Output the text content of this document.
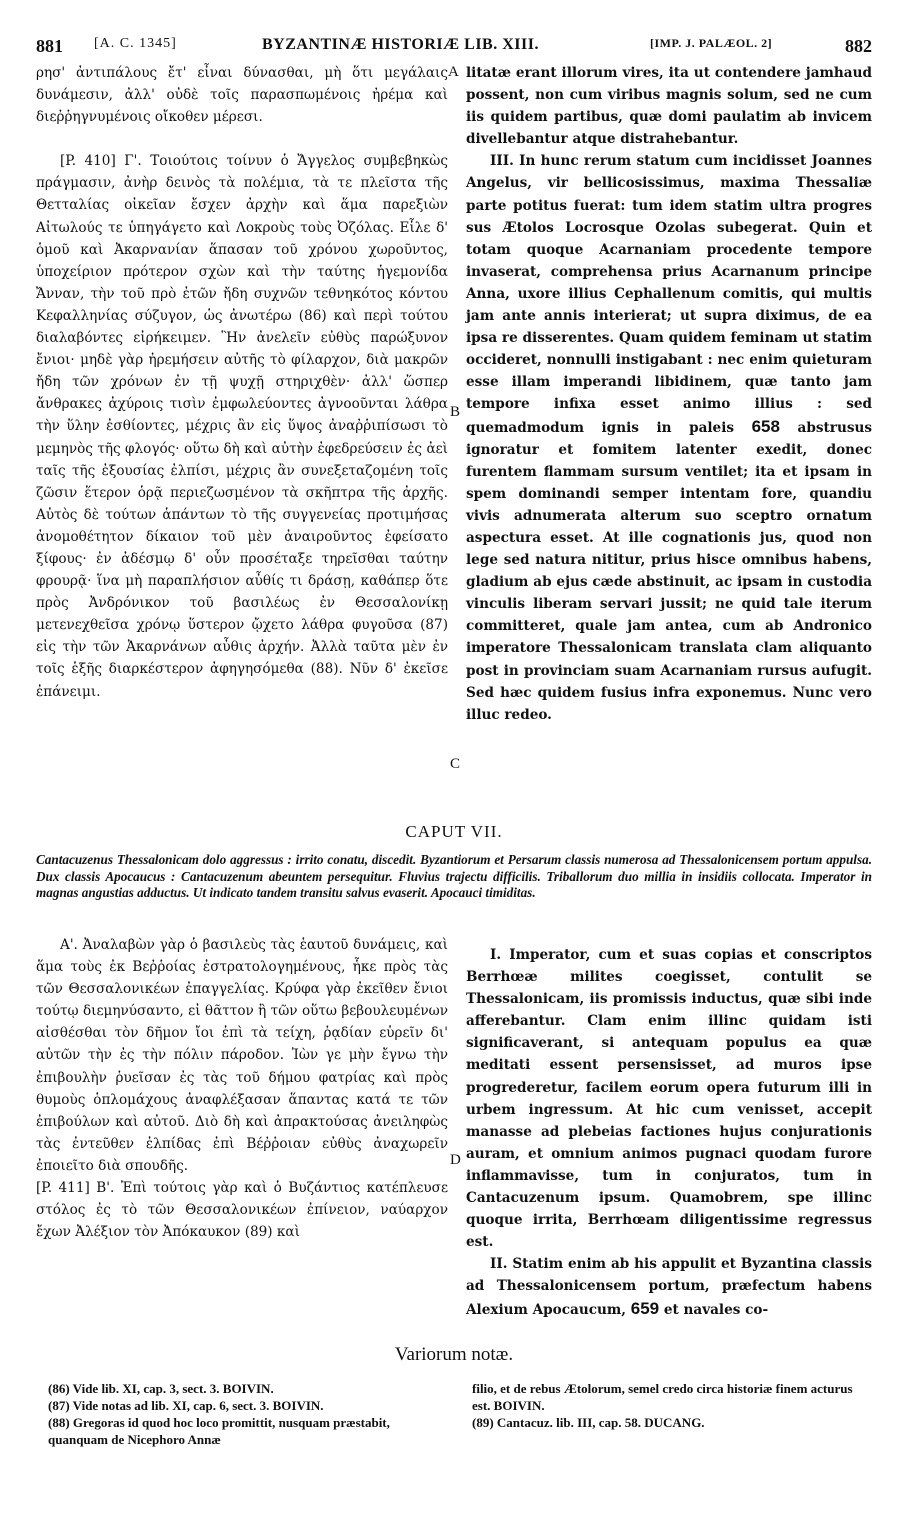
881 [A. C. 1345]	BYZANTINÆ HISTORIÆ LIB. XIII.	[IMP. J. PALÆOL. 2]	882

ρησ' ἀντιπάλους ἔτ' εἶναι δύνασθαι, μὴ ὅτι μεγάλαις δυνάμεσιν, ἀλλ' οὐδὲ τοῖς παρασπωμένοις ἠρέμα καὶ διεῤῥηγνυμένοις οἴκοθεν μέρεσι.

[P. 410] Γ'. Τοιούτοις τοίνυν ὁ Ἄγγελος συμβεβηκὼς πράγμασιν, ἀνὴρ δεινὸς τὰ πολέμια, τὰ τε πλεῖστα τῆς Θετταλίας οἰκεῖαν ἔσχεν ἀρχὴν καὶ ἅμα παρεξιὼν Αἰτωλούς τε ὑπηγάγετο καὶ Λοκροὺς τοὺς Ὀζόλας. Εἷλε δ' ὁμοῦ καὶ Ἀκαρνανίαν ἅπασαν τοῦ χρόνου χωροῦντος, ὑποχείριον πρότερον σχὼν καὶ τὴν ταύτης ἡγεμονίδα Ἄνναν, τὴν τοῦ πρὸ ἐτῶν ἤδη συχνῶν τεθνηκότος κόντου Κεφαλληνίας σύζυγον, ὡς ἀνωτέρω (86) καὶ περὶ τούτου διαλαβόντες εἰρήκειμεν. Ἣν ἀνελεῖν εὐθὺς παρώξυνον ἔνιοι· μηδὲ γὰρ ἠρεμήσειν αὐτῆς τὸ φίλαρχον, διὰ μακρῶν ἤδη τῶν χρόνων ἐν τῇ ψυχῇ στηριχθὲν· ἀλλ' ὥσπερ ἄνθρακες ἀχύροις τισὶν ἐμφωλεύοντες ἀγνοοῦνται λάθρα τὴν ὕλην ἐσθίοντες, μέχρις ἂν εἰς ὕψος ἀναῤῥιπίσωσι τὸ μεμηνὸς τῆς φλογός· οὕτω δὴ καὶ αὐτὴν ἐφεδρεύσειν ἐς ἀεὶ ταῖς τῆς ἐξουσίας ἐλπίσι, μέχρις ἂν συνεξεταζομένη τοῖς ζῶσιν ἕτερον ὁρᾷ περιεζωσμένον τὰ σκῆπτρα τῆς ἀρχῆς. Αὐτὸς δὲ τούτων ἁπάντων τὸ τῆς συγγενείας προτιμήσας ἀνομοθέτητον δίκαιον τοῦ μὲν ἀναιροῦντος ἐφείσατο ξίφους· ἐν ἀδέσμῳ δ' οὖν προσέταξε τηρεῖσθαι ταύτην φρουρᾷ· ἵνα μὴ παραπλήσιον αὖθίς τι δράσῃ, καθάπερ ὅτε πρὸς Ἀνδρόνικον τοῦ βασιλέως ἐν Θεσσαλονίκῃ μετενεχθεῖσα χρόνῳ ὕστερον ᾤχετο λάθρα φυγοῦσα (87) εἰς τὴν τῶν Ἀκαρνάνων αὖθις ἀρχήν. Ἀλλὰ ταῦτα μὲν ἐν τοῖς ἑξῆς διαρκέστερον ἀφηγησόμεθα (88). Νῦν δ' ἐκεῖσε ἐπάνειμι.

litatæ erant illorum vires, ita ut contendere jamhaud possent, non cum viribus magnis solum, sed ne cum iis quidem partibus, quæ domi paulatim ab invicem divellebantur atque distrahebantur.

III. In hunc rerum statum cum incidisset Joannes Angelus, vir bellicosissimus, maxima Thessaliæ parte potitus fuerat: tum idem statim ultra progres sus Ætolos Locrosque Ozolas subegerat. Quin et totam quoque Acarnaniam procedente tempore invaserat, comprehensa prius Acarnanum principe Anna, uxore illius Cephallenum comitis, qui multis jam ante annis interierat; ut supra diximus, de ea ipsa re disserentes. Quam quidem feminam ut statim occideret, nonnulli instigabant : nec enim quieturam esse illam imperandi libidinem, quæ tanto jam tempore infixa esset animo illius : sed quemadmodum ignis in paleis 658 abstrusus ignoratur et fomitem latenter exedit, donec furentem flammam sursum ventilet; ita et ipsam in spem dominandi semper intentam fore, quandiu vivis adnumerata alterum suo sceptro ornatum aspectura esset. At ille cognationis jus, quod non lege sed natura nititur, prius hisce omnibus habens, gladium ab ejus cæde abstinuit, ac ipsam in custodia vinculis liberam servari jussit; ne quid tale iterum committeret, quale jam antea, cum ab Andronico imperatore Thessalonicam translata clam aliquanto post in provinciam suam Acarnaniam rursus aufugit. Sed hæc quidem fusius infra exponemus. Nunc vero illuc redeo.

A
B
C
D
CAPUT VII.
Cantacuzenus Thessalonicam dolo aggressus : irrito conatu, discedit. Byzantiorum et Persarum classis numerosa ad Thessalonicensem portum appulsa. Dux classis Apocaucus : Cantacuzenum abeuntem persequitur. Fluvius trajectu difficilis. Triballorum duo millia in insidiis collocata. Imperator in magnas angustias adductus. Ut indicato tandem transitu salvus evaserit. Apocauci timiditas.

Α'. Ἀναλαβὼν γὰρ ὁ βασιλεὺς τὰς ἑαυτοῦ δυνάμεις, καὶ ἅμα τοὺς ἐκ Βεῤῥοίας ἐστρατολογημένους, ἧκε πρὸς τὰς τῶν Θεσσαλονικέων ἐπαγγελίας. Κρύφα γὰρ ἐκεῖθεν ἔνιοι τούτῳ διεμηνύσαντο, εἰ θᾶττον ἢ τῶν οὕτω βεβουλευμένων αἰσθέσθαι τὸν δῆμον ἴοι ἐπὶ τὰ τείχη, ῥᾳδίαν εὑρεῖν δι' αὐτῶν τὴν ἐς τὴν πόλιν πάροδον. Ἰὼν γε μὴν ἔγνω τὴν ἐπιβουλὴν ῥυεῖσαν ἐς τὰς τοῦ δήμου φατρίας καὶ πρὸς θυμοὺς ὁπλομάχους ἀναφλέξασαν ἅπαντας κατά τε τῶν ἐπιβούλων καὶ αὐτοῦ. Διὸ δὴ καὶ ἀπρακτούσας ἀνειληφὼς τὰς ἐντεῦθεν ἐλπίδας ἐπὶ Βέῤῥοιαν εὐθὺς ἀναχωρεῖν ἐποιεῖτο διὰ σπουδῆς.

[P. 411] Β'. Ἐπὶ τούτοις γὰρ καὶ ὁ Βυζάντιος κατέπλευσε στόλος ἐς τὸ τῶν Θεσσαλονικέων ἐπίνειον, ναύαρχον ἔχων Ἀλέξιον τὸν Ἀπόκαυκον (89) καὶ

I. Imperator, cum et suas copias et conscriptos Berrhœæ milites coegisset, contulit se Thessalonicam, iis promissis inductus, quæ sibi inde afferebantur. Clam enim illinc quidam isti significaverant, si antequam populus ea quæ meditati essent persensisset, ad muros ipse progrederetur, facilem eorum opera futurum illi in urbem ingressum. At hic cum venisset, accepit manasse ad plebeias factiones hujus conjurationis auram, et omnium animos pugnaci quodam furore inflammavisse, tum in conjuratos, tum in Cantacuzenum ipsum. Quamobrem, spe illinc quoque irrita, Berrhœam diligentissime regressus est.

II. Statim enim ab his appulit et Byzantina classis ad Thessalonicensem portum, præfectum habens Alexium Apocaucum, 659 et navales co-

Variorum notæ.

(86) Vide lib. XI, cap. 3, sect. 3. BOIVIN.

(87) Vide notas ad lib. XI, cap. 6, sect. 3. BOIVIN.

(88) Gregoras id quod hoc loco promittit, nusquam præstabit, quanquam de Nicephoro Annæ

filio, et de rebus Ætolorum, semel credo circa historiæ finem acturus est. BOIVIN.

(89) Cantacuz. lib. III, cap. 58. DUCANG.
